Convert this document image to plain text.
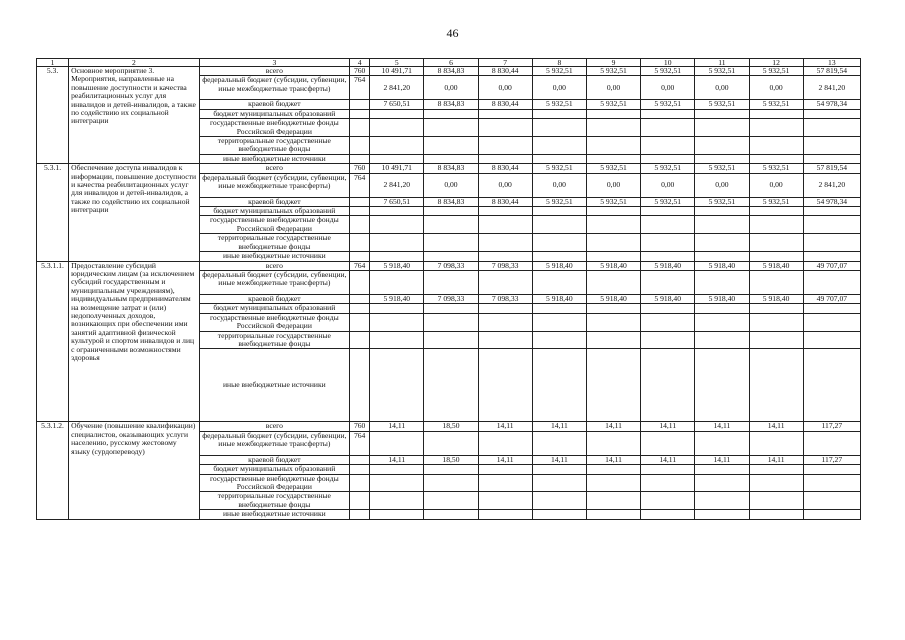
46
1	2	3	4	5	6	7	8	9	10	11	12	13
5.3.	Основное мероприятие 3. Мероприятия, направленные на повышение доступности и качества реабилитационных услуг для инвалидов и детей-инвалидов, а также по содействию их социальной интеграции	всего	760	10 491,71	8 834,83	8 830,44	5 932,51	5 932,51	5 932,51	5 932,51	5 932,51	57 819,54
		федеральный бюджет (субсидии, субвенции, иные межбюджетные трансферты)	764	2 841,20	0,00	0,00	0,00	0,00	0,00	0,00	0,00	2 841,20
		краевой бюджет		7 650,51	8 834,83	8 830,44	5 932,51	5 932,51	5 932,51	5 932,51	5 932,51	54 978,34
		бюджет муниципальных образований										
		государственные внебюджетные фонды Российской Федерации										
		территориальные государственные внебюджетные фонды										
		иные внебюджетные источники										
5.3.1.	Обеспечение доступа инвалидов к информации, повышение доступности и качества реабилитационных услуг для инвалидов и детей-инвалидов, а также по содействию их социальной интеграции	всего	760	10 491,71	8 834,83	8 830,44	5 932,51	5 932,51	5 932,51	5 932,51	5 932,51	57 819,54
		федеральный бюджет (субсидии, субвенции, иные межбюджетные трансферты)	764	2 841,20	0,00	0,00	0,00	0,00	0,00	0,00	0,00	2 841,20
		краевой бюджет		7 650,51	8 834,83	8 830,44	5 932,51	5 932,51	5 932,51	5 932,51	5 932,51	54 978,34
		бюджет муниципальных образований										
		государственные внебюджетные фонды Российской Федерации										
		территориальные государственные внебюджетные фонды										
		иные внебюджетные источники										
5.3.1.1.	Предоставление субсидий юридическим лицам (за исключением субсидий государственным и муниципальным учреждениям), индивидуальным предпринимателям на возмещение затрат и (или) недополученных доходов, возникающих при обеспечении ими занятий адаптивной физической культурой и спортом инвалидов и лиц с ограниченными возможностями здоровья	всего	764	5 918,40	7 098,33	7 098,33	5 918,40	5 918,40	5 918,40	5 918,40	5 918,40	49 707,07
		федеральный бюджет (субсидии, субвенции, иные межбюджетные трансферты)										
		краевой бюджет		5 918,40	7 098,33	7 098,33	5 918,40	5 918,40	5 918,40	5 918,40	5 918,40	49 707,07
		бюджет муниципальных образований										
		государственные внебюджетные фонды Российской Федерации										
		территориальные государственные внебюджетные фонды										
		иные внебюджетные источники										
5.3.1.2.	Обучение (повышение квалификации) специалистов, оказывающих услуги населению, русскому жестовому языку (сурдопереводу)	всего	760	14,11	18,50	14,11	14,11	14,11	14,11	14,11	14,11	117,27
		федеральный бюджет (субсидии, субвенции, иные межбюджетные трансферты)	764									
		краевой бюджет		14,11	18,50	14,11	14,11	14,11	14,11	14,11	14,11	117,27
		бюджет муниципальных образований										
		государственные внебюджетные фонды Российской Федерации										
		территориальные государственные внебюджетные фонды										
		иные внебюджетные источники										
